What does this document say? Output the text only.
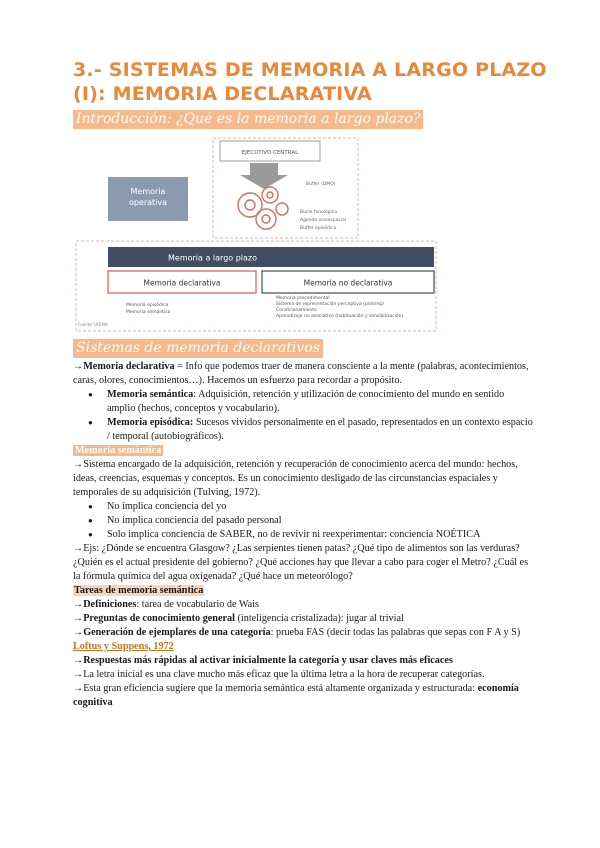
3.- SISTEMAS DE MEMORIA A LARGO PLAZO (I): MEMORIA DECLARATIVA
Introducción: ¿Qué es la memoria a largo plazo?
EJECUTIVO CENTRAL
Memoria
operativa
Buffer (DMO)
Bucle fonológico
Agenda visoespacial
Buffer episódico
Memoria a largo plazo
Memoria declarativa	Memoria no declarativa
Memoria episódica
Memoria semántica
Memoria procedimental
Sistema de representación perceptiva (priming)
Condicionamiento
Aprendizaje no asociativo (habituación y sensibilización)
Fuente: UDIMA
Sistemas de memoria declarativos

→Memoria declarativa = Info que podemos traer de manera consciente a la mente (palabras, acontecimientos, caras, olores, conocimientos…). Hacemos un esfuerzo para recordar a propósito.

● Memoria semántica: Adquisición, retención y utilización de conocimiento del mundo en sentido amplio (hechos, conceptos y vocabulario).
● Memoria episódica: Sucesos vividos personalmente en el pasado, representados en un contexto espacio / temporal (autobiográficos).

Memoria semántica

→Sistema encargado de la adquisición, retención y recuperación de conocimiento acerca del mundo: hechos, ideas, creencias, esquemas y conceptos. Es un conocimiento desligado de las circunstancias espaciales y temporales de su adquisición (Tulving, 1972).

● No implica conciencia del yo
● No implica conciencia del pasado personal
● Solo implica conciencia de SABER, no de revivir ni reexperimentar: conciencia NOÉTICA

→Ejs: ¿Dónde se encuentra Glasgow? ¿Las serpientes tienen patas? ¿Qué tipo de alimentos son las verduras? ¿Quién es el actual presidente del gobierno? ¿Qué acciones hay que llevar a cabo para coger el Metro? ¿Cuál es la fórmula química del agua oxigenada? ¿Qué hace un meteorólogo?

Tareas de memoria semántica

→Definiciones: tarea de vocabulario de Wais

→Preguntas de conocimiento general (inteligencia cristalizada): jugar al trivial

→Generación de ejemplares de una categoría: prueba FAS (decir todas las palabras que sepas con F A y S)

Loftus y Suppens, 1972

→Respuestas más rápidas al activar inicialmente la categoría y usar claves más eficaces

→La letra inicial es una clave mucho más eficaz que la última letra a la hora de recuperar categorías.

→Esta gran eficiencia sugiere que la memoria semántica está altamente organizada y estructurada: economía cognitiva
